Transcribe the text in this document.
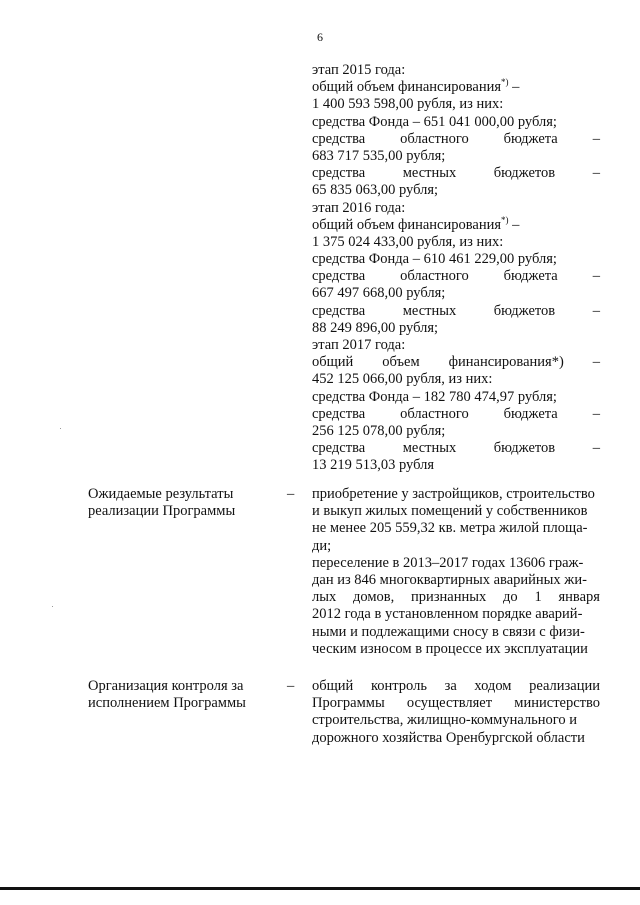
6
этап 2015 года:
общий объем финансирования*) –
1 400 593 598,00 рубля, из них:
средства Фонда – 651 041 000,00 рубля;
средства областного бюджета –
683 717 535,00 рубля;
средства	местных	бюджетов	–
65 835 063,00 рубля;
этап 2016 года:
общий объем финансирования*) –
1 375 024 433,00 рубля, из них:
средства Фонда – 610 461 229,00 рубля;
средства областного бюджета –
667 497 668,00 рубля;
средства	местных	бюджетов	–
88 249 896,00 рубля;
этап 2017 года:
общий объем финансирования*) –
452 125 066,00 рубля, из них:
средства Фонда – 182 780 474,97 рубля;
средства областного бюджета –
256 125 078,00 рубля;
средства	местных	бюджетов	–
13 219 513,03 рубля
Ожидаемые результаты
реализации Программы
– приобретение у застройщиков, строительство
и выкуп жилых помещений у собственников
не менее 205 559,32 кв. метра жилой площа-
ди;
переселение в 2013–2017 годах 13606 граж-
дан из 846 многоквартирных аварийных жи-
лых домов, признанных до 1 января
2012 года в установленном порядке аварий-
ными и подлежащими сносу в связи с физи-
ческим износом в процессе их эксплуатации
Организация контроля за
исполнением Программы
– общий контроль за ходом реализации
Программы осуществляет министерство
строительства, жилищно-коммунального и
дорожного хозяйства Оренбургской области
